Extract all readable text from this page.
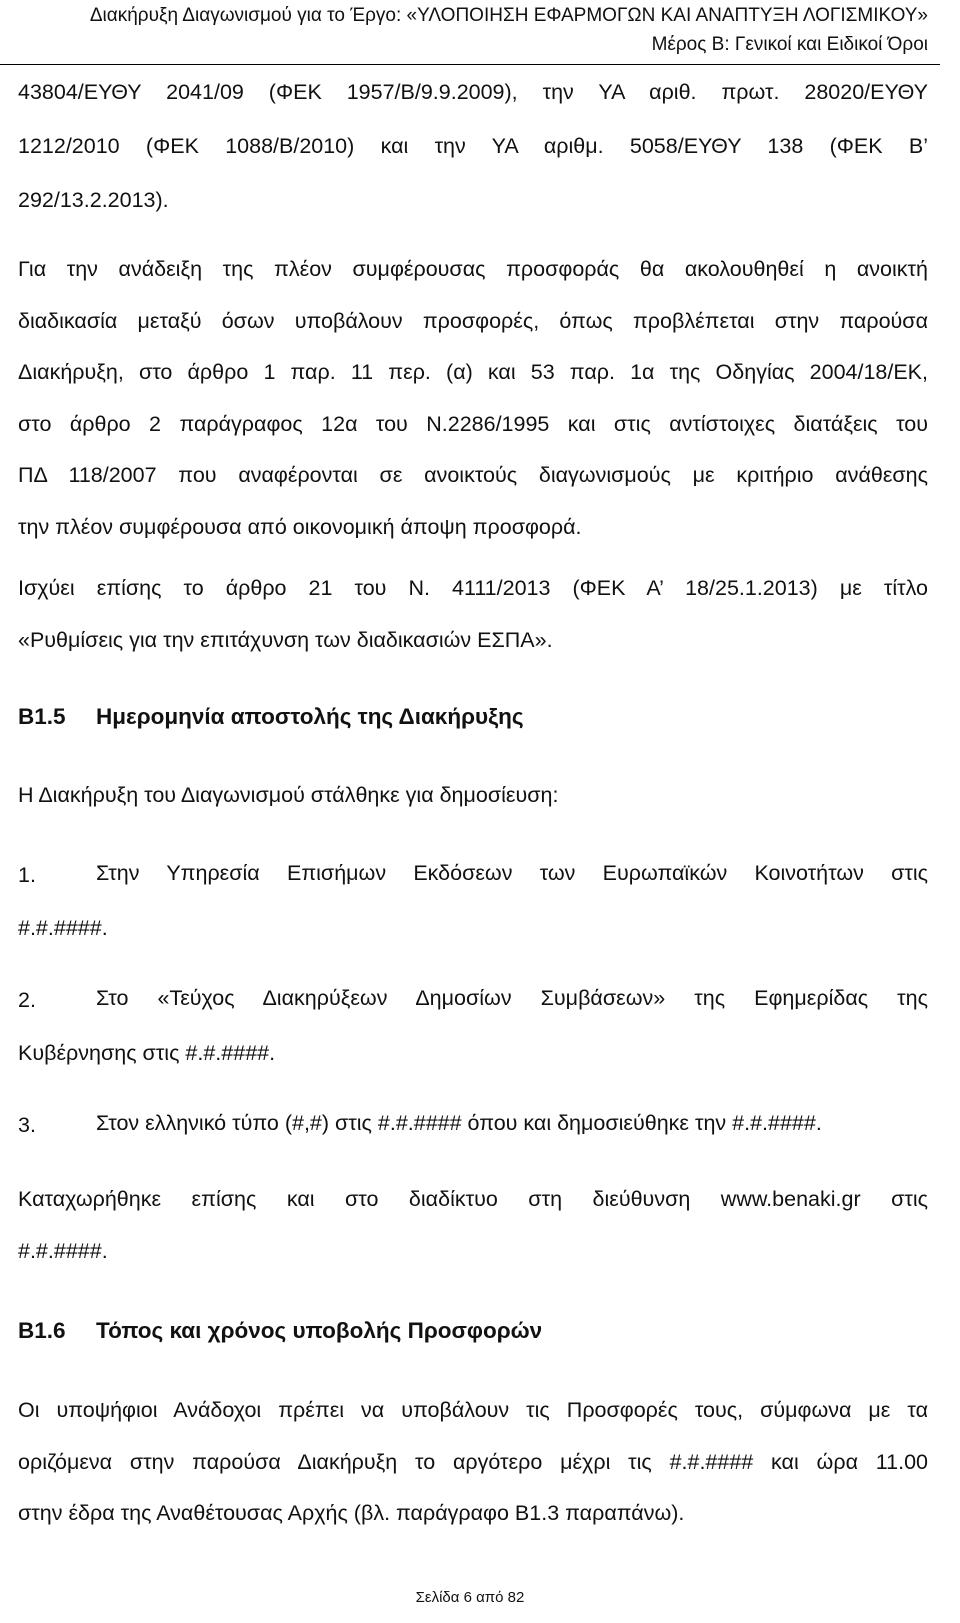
Διακήρυξη Διαγωνισμού για το Έργο: «ΥΛΟΠΟΙΗΣΗ ΕΦΑΡΜΟΓΩΝ ΚΑΙ ΑΝΑΠΤΥΞΗ ΛΟΓΙΣΜΙΚΟΥ»
Μέρος Β: Γενικοί και Ειδικοί Όροι

43804/ΕΥΘΥ 2041/09 (ΦΕΚ 1957/Β/9.9.2009), την ΥΑ αριθ. πρωτ. 28020/ΕΥΘΥ
1212/2010 (ΦΕΚ 1088/Β/2010) και την ΥΑ αριθμ. 5058/ΕΥΘΥ 138 (ΦΕΚ Β’
292/13.2.2013).

Για την ανάδειξη της πλέον συμφέρουσας προσφοράς θα ακολουθηθεί η ανοικτή
διαδικασία μεταξύ όσων υποβάλουν προσφορές, όπως προβλέπεται στην παρούσα
Διακήρυξη, στο άρθρο 1 παρ. 11 περ. (α) και 53 παρ. 1α της Οδηγίας 2004/18/ΕΚ,
στο άρθρο 2 παράγραφος 12α του Ν.2286/1995 και στις αντίστοιχες διατάξεις του
ΠΔ 118/2007 που αναφέρονται σε ανοικτούς διαγωνισμούς με κριτήριο ανάθεσης
την πλέον συμφέρουσα από οικονομική άποψη προσφορά.

Ισχύει επίσης το άρθρο 21 του Ν. 4111/2013 (ΦΕΚ Α’ 18/25.1.2013) με τίτλο
«Ρυθμίσεις για την επιτάχυνση των διαδικασιών ΕΣΠΑ».

Β1.5	Ημερομηνία αποστολής της Διακήρυξης

Η Διακήρυξη του Διαγωνισμού στάλθηκε για δημοσίευση:

1.	Στην Υπηρεσία Επισήμων Εκδόσεων των Ευρωπαϊκών Κοινοτήτων στις

#.#.####.

2.	Στο «Τεύχος Διακηρύξεων Δημοσίων Συμβάσεων» της Εφημερίδας της

Κυβέρνησης στις #.#.####.

3.	Στον ελληνικό τύπο (#,#) στις #.#.#### όπου και δημοσιεύθηκε την #.#.####.

Καταχωρήθηκε επίσης και στο διαδίκτυο στη διεύθυνση www.benaki.gr στις
#.#.####.

Β1.6	Τόπος και χρόνος υποβολής Προσφορών

Οι υποψήφιοι Ανάδοχοι πρέπει να υποβάλουν τις Προσφορές τους, σύμφωνα με τα
οριζόμενα στην παρούσα Διακήρυξη το αργότερο μέχρι τις #.#.#### και ώρα 11.00
στην έδρα της Αναθέτουσας Αρχής (βλ. παράγραφο Β1.3 παραπάνω).

Σελίδα 6 από 82
